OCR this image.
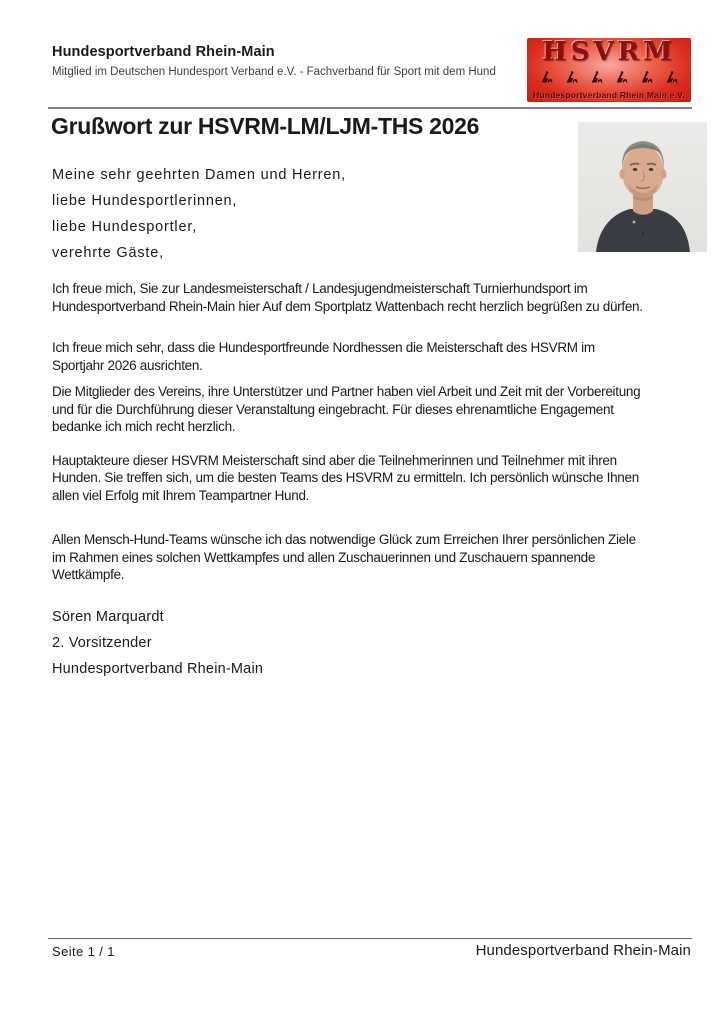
Hundesportverband Rhein-Main
Mitglied im Deutschen Hundesport Verband e.V. - Fachverband für Sport mit dem Hund
HSVRM
Hundesportverband Rhein Main e.V.
Grußwort zur HSVRM-LM/LJM-THS 2026
Meine sehr geehrten Damen und Herren,
liebe Hundesportlerinnen,
liebe Hundesportler,
verehrte Gäste,
Ich freue mich, Sie zur Landesmeisterschaft / Landesjugendmeisterschaft Turnierhundsport im
Hundesportverband Rhein-Main hier Auf dem Sportplatz Wattenbach recht herzlich begrüßen zu dürfen.
Ich freue mich sehr, dass die Hundesportfreunde Nordhessen die Meisterschaft des HSVRM im
Sportjahr 2026 ausrichten.
Die Mitglieder des Vereins, ihre Unterstützer und Partner haben viel Arbeit und Zeit mit der Vorbereitung
und für die Durchführung dieser Veranstaltung eingebracht. Für dieses ehrenamtliche Engagement
bedanke ich mich recht herzlich.
Hauptakteure dieser HSVRM Meisterschaft sind aber die Teilnehmerinnen und Teilnehmer mit ihren
Hunden. Sie treffen sich, um die besten Teams des HSVRM zu ermitteln. Ich persönlich wünsche Ihnen
allen viel Erfolg mit Ihrem Teampartner Hund.
Allen Mensch-Hund-Teams wünsche ich das notwendige Glück zum Erreichen Ihrer persönlichen Ziele
im Rahmen eines solchen Wettkampfes und allen Zuschauerinnen und Zuschauern spannende
Wettkämpfe.
Sören Marquardt
2. Vorsitzender
Hundesportverband Rhein-Main
Seite 1 / 1	Hundesportverband Rhein-Main
